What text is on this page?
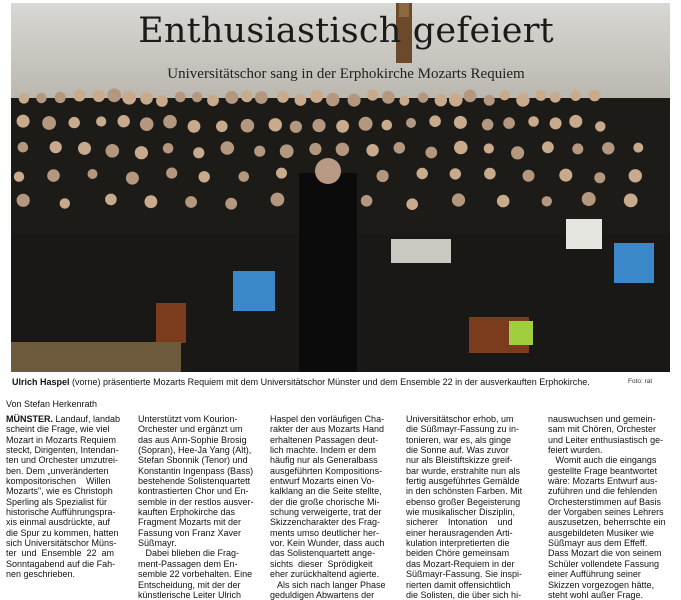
Enthusiastisch gefeiert
Universitätschor sang in der Erphokirche Mozarts Requiem
Ulrich Haspel (vorne) präsentierte Mozarts Requiem mit dem Universitätschor Münster und dem Ensemble 22 in der ausverkauften Erphokirche.	Foto: rat
Von Stefan Herkenrath
MÜNSTER. Landauf, landab
scheint die Frage, wie viel
Mozart in Mozarts Requiem
steckt, Dirigenten, Intendan-
ten und Orchester umzutrei-
ben. Dem „unveränderten
kompositorischen    Willen
Mozarts", wie es Christoph
Sperling als Spezialist für
historische Aufführungspra-
xis einmal ausdrückte, auf
die Spur zu kommen, hatten
sich Universitätschor Müns-
ter  und  Ensemble  22  am
Sonntagabend auf die Fah-
nen geschrieben.
Unterstützt vom Kourion-
Orchester und ergänzt um
das aus Ann-Sophie Brosig
(Sopran), Hee-Ja Yang (Alt),
Stefan Sbonnik (Tenor) und
Konstantin Ingenpass (Bass)
bestehende Solistenquartett
kontrastierten Chor und En-
semble in der restlos ausver-
kauften Erphokirche das
Fragment Mozarts mit der
Fassung von Franz Xaver
Süßmayr.
Dabei blieben die Frag-
ment-Passagen dem En-
semble 22 vorbehalten. Eine
Entscheidung, mit der der
künstlerische Leiter Ulrich
Haspel den vorläufigen Cha-
rakter der aus Mozarts Hand
erhaltenen Passagen deut-
lich machte. Indem er dem
häufig nur als Generalbass
ausgeführten Kompositions-
entwurf Mozarts einen Vo-
kalklang an die Seite stellte,
der die große chorische Mi-
schung verweigerte, trat der
Skizzencharakter des Frag-
ments umso deutlicher her-
vor. Kein Wunder, dass auch
das Solistenquartett ange-
sichts  dieser  Sprödigkeit
eher zurückhaltend agierte.
Als sich nach langer Phase
geduldigen Abwartens der
Universitätschor erhob, um
die Süßmayr-Fassung zu in-
tonieren, war es, als ginge
die Sonne auf. Was zuvor
nur als Bleistiftskizze greif-
bar wurde, erstrahlte nun als
fertig ausgeführtes Gemälde
in den schönsten Farben. Mit
ebenso großer Begeisterung
wie musikalischer Disziplin,
sicherer    Intonation    und
einer herausragenden Arti-
kulation interpretierten die
beiden Chöre gemeinsam
das Mozart-Requiem in der
Süßmayr-Fassung. Sie inspi-
rierten damit offensichtlich
die Solisten, die über sich hi-
nauswuchsen und gemein-
sam mit Chören, Orchester
und Leiter enthusiastisch ge-
feiert wurden.
Womit auch die eingangs
gestellte Frage beantwortet
wäre: Mozarts Entwurf aus-
zuführen und die fehlenden
Orchesterstimmen auf Basis
der Vorgaben seines Lehrers
auszusetzen, beherrschte ein
ausgebildeten Musiker wie
Süßmayr aus dem Effeff.
Dass Mozart die von seinem
Schüler vollendete Fassung
einer Aufführung seiner
Skizzen vorgezogen hätte,
steht wohl außer Frage.
